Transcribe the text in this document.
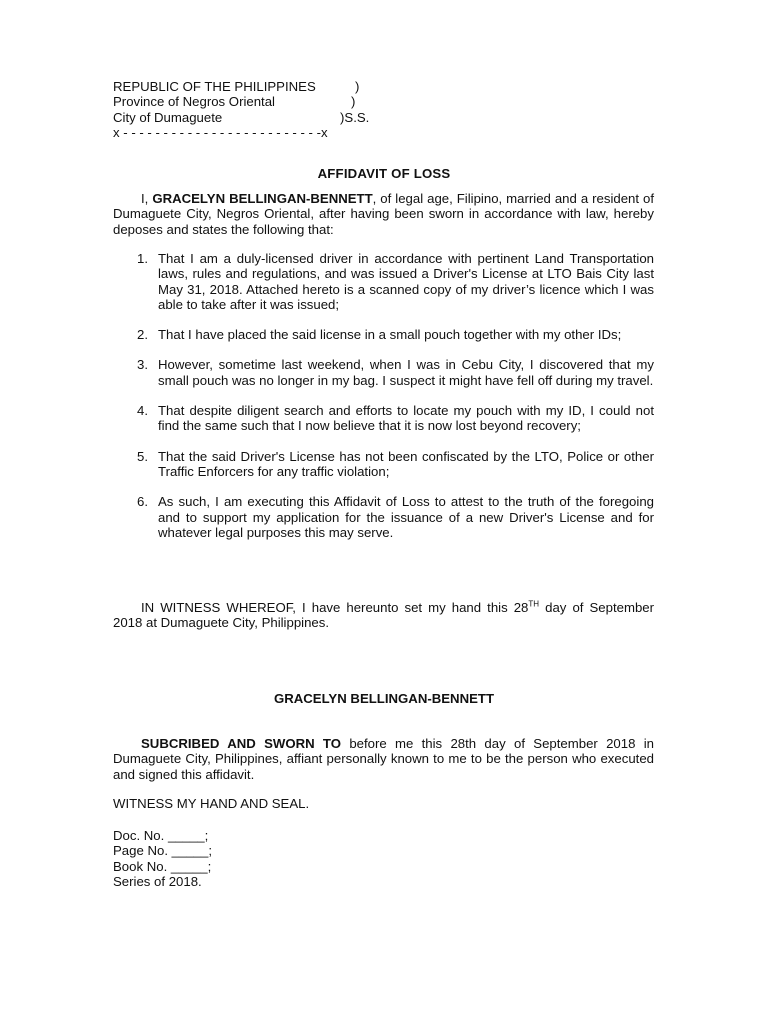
REPUBLIC OF THE PHILIPPINES

	)

Province of Negros Oriental

	)

City of Dumaguete

	)S.S.

x - - - - - - - - - - - - - - - - - - - - - - - - -x

AFFIDAVIT OF LOSS
I, GRACELYN BELLINGAN-BENNETT, of legal age, Filipino, married and a resident of Dumaguete City, Negros Oriental, after having been sworn in accordance with law, hereby deposes and states the following that:
1. That I am a duly-licensed driver in accordance with pertinent Land Transportation laws, rules and regulations, and was issued a Driver's License at LTO Bais City last May 31, 2018. Attached hereto is a scanned copy of my driver’s licence which I was able to take after it was issued;
2. That I have placed the said license in a small pouch together with my other IDs;
3. However, sometime last weekend, when I was in Cebu City, I discovered that my small pouch was no longer in my bag. I suspect it might have fell off during my travel.
4. That despite diligent search and efforts to locate my pouch with my ID, I could not find the same such that I now believe that it is now lost beyond recovery;
5. That the said Driver's License has not been confiscated by the LTO, Police or other Traffic Enforcers for any traffic violation;
6. As such, I am executing this Affidavit of Loss to attest to the truth of the foregoing and to support my application for the issuance of a new Driver's License and for whatever legal purposes this may serve.
IN WITNESS WHEREOF, I have hereunto set my hand this 28TH day of September 2018 at Dumaguete City, Philippines.
GRACELYN BELLINGAN-BENNETT
SUBCRIBED AND SWORN TO before me this 28th day of September 2018 in Dumaguete City, Philippines, affiant personally known to me to be the person who executed and signed this affidavit.
WITNESS MY HAND AND SEAL.
Doc. No. _____;
Page No. _____;
Book No. _____;
Series of 2018.
